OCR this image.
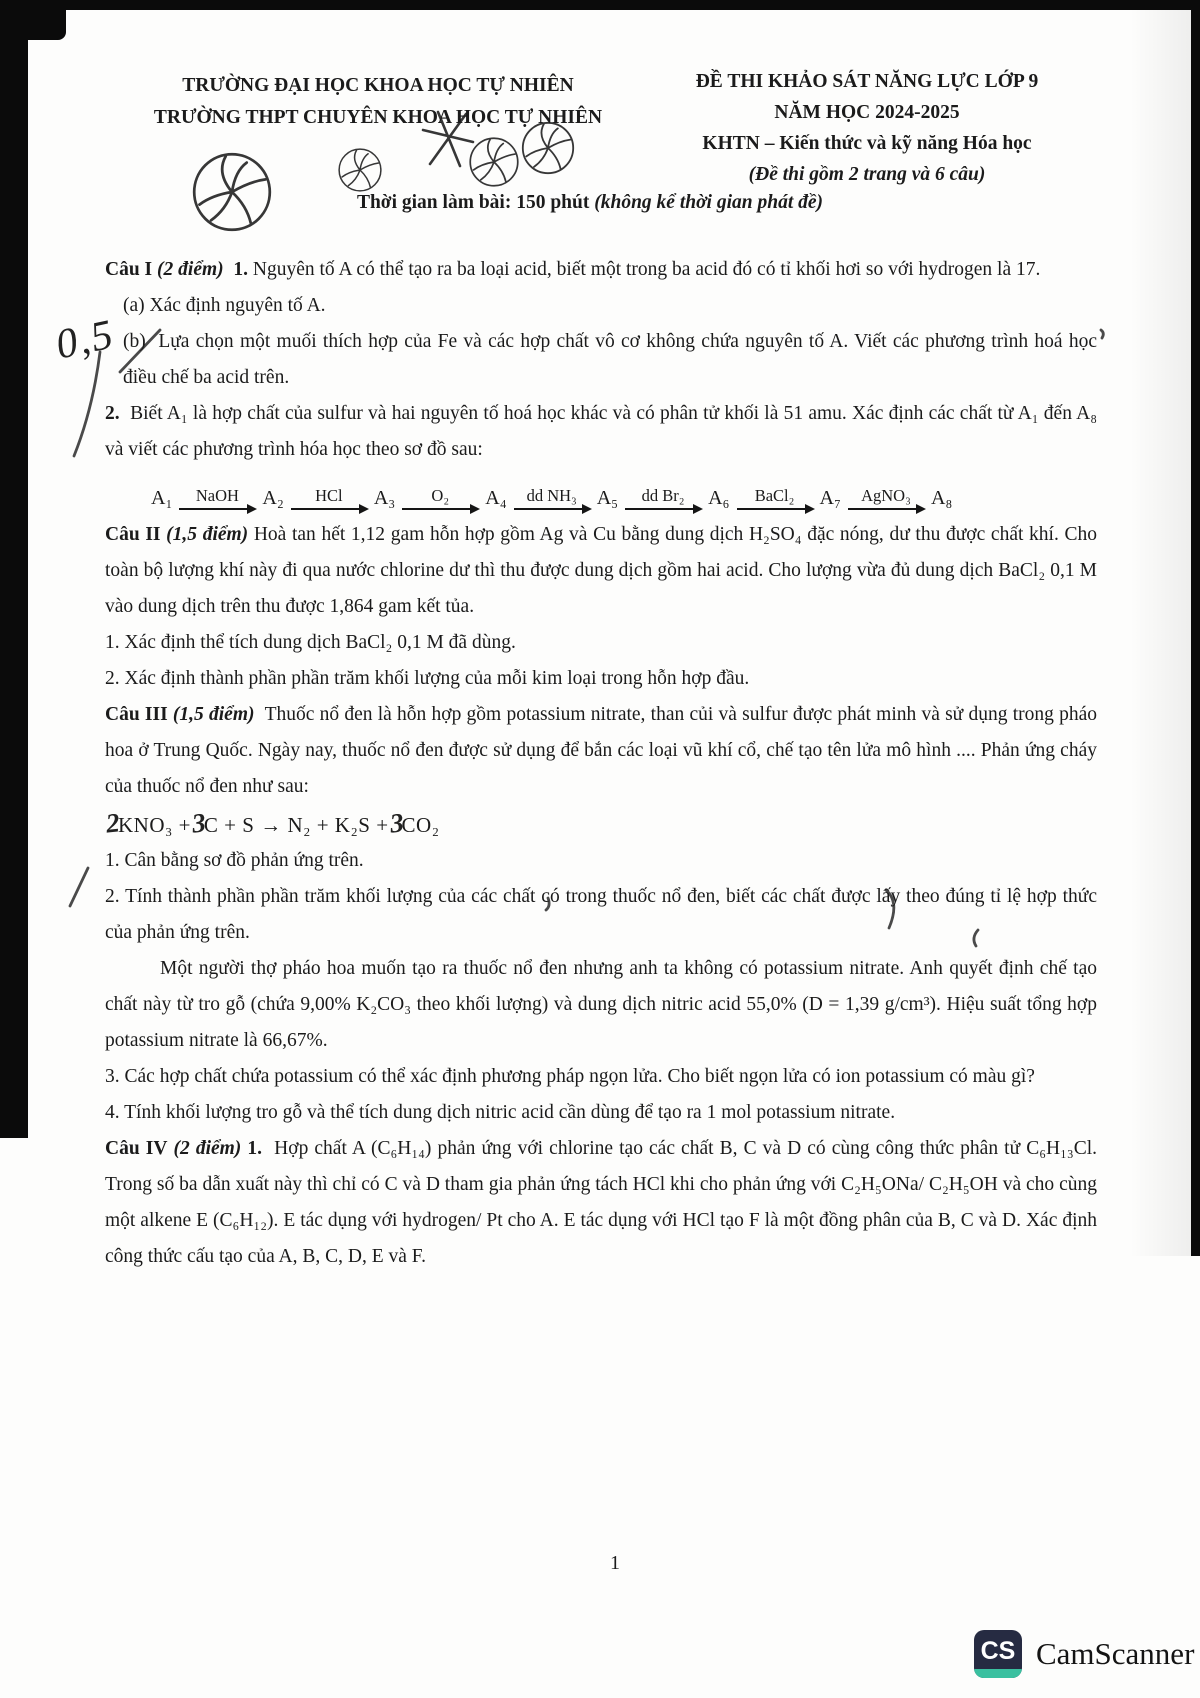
TRƯỜNG ĐẠI HỌC KHOA HỌC TỰ NHIÊN
TRƯỜNG THPT CHUYÊN KHOA HỌC TỰ NHIÊN
ĐỀ THI KHẢO SÁT NĂNG LỰC LỚP 9
NĂM HỌC 2024-2025
KHTN – Kiến thức và kỹ năng Hóa học
(Đề thi gồm 2 trang và 6 câu)
Thời gian làm bài: 150 phút (không kể thời gian phát đề)
0,5

Câu I (2 điểm) 1. Nguyên tố A có thể tạo ra ba loại acid, biết một trong ba acid đó có tỉ khối hơi so với hydrogen là 17.

(a) Xác định nguyên tố A.

(b) Lựa chọn một muối thích hợp của Fe và các hợp chất vô cơ không chứa nguyên tố A. Viết các phương trình hoá học điều chế ba acid trên.

2. Biết A₁ là hợp chất của sulfur và hai nguyên tố hoá học khác và có phân tử khối là 51 amu. Xác định các chất từ A₁ đến A₈ và viết các phương trình hóa học theo sơ đồ sau:

A₁ NaOH A₂ HCl A₃ O₂ A₄ dd NH₃ A₅ dd Br₂ A₆ BaCl₂ A₇ AgNO₃ A₈

Câu II (1,5 điểm) Hoà tan hết 1,12 gam hỗn hợp gồm Ag và Cu bằng dung dịch H₂SO₄ đặc nóng, dư thu được chất khí. Cho toàn bộ lượng khí này đi qua nước chlorine dư thì thu được dung dịch gồm hai acid. Cho lượng vừa đủ dung dịch BaCl₂ 0,1 M vào dung dịch trên thu được 1,864 gam kết tủa.

1. Xác định thể tích dung dịch BaCl₂ 0,1 M đã dùng.

2. Xác định thành phần phần trăm khối lượng của mỗi kim loại trong hỗn hợp đầu.

Câu III (1,5 điểm) Thuốc nổ đen là hỗn hợp gồm potassium nitrate, than củi và sulfur được phát minh và sử dụng trong pháo hoa ở Trung Quốc. Ngày nay, thuốc nổ đen được sử dụng để bắn các loại vũ khí cổ, chế tạo tên lửa mô hình .... Phản ứng cháy của thuốc nổ đen như sau:

2KNO₃ +3C + S → N₂ + K₂S +3CO₂

1. Cân bằng sơ đồ phản ứng trên.

2. Tính thành phần phần trăm khối lượng của các chất có trong thuốc nổ đen, biết các chất được lấy theo đúng tỉ lệ hợp thức của phản ứng trên.

Một người thợ pháo hoa muốn tạo ra thuốc nổ đen nhưng anh ta không có potassium nitrate. Anh quyết định chế tạo chất này từ tro gỗ (chứa 9,00% K₂CO₃ theo khối lượng) và dung dịch nitric acid 55,0% (D = 1,39 g/cm³). Hiệu suất tổng hợp potassium nitrate là 66,67%.

3. Các hợp chất chứa potassium có thể xác định phương pháp ngọn lửa. Cho biết ngọn lửa có ion potassium có màu gì?

4. Tính khối lượng tro gỗ và thể tích dung dịch nitric acid cần dùng để tạo ra 1 mol potassium nitrate.

Câu IV (2 điểm) 1. Hợp chất A (C₆H₁₄) phản ứng với chlorine tạo các chất B, C và D có cùng công thức phân tử C₆H₁₃Cl. Trong số ba dẫn xuất này thì chỉ có C và D tham gia phản ứng tách HCl khi cho phản ứng với C₂H₅ONa/ C₂H₅OH và cho cùng một alkene E (C₆H₁₂). E tác dụng với hydrogen/ Pt cho A. E tác dụng với HCl tạo F là một đồng phân của B, C và D. Xác định công thức cấu tạo của A, B, C, D, E và F.

1
CS CamScanner
